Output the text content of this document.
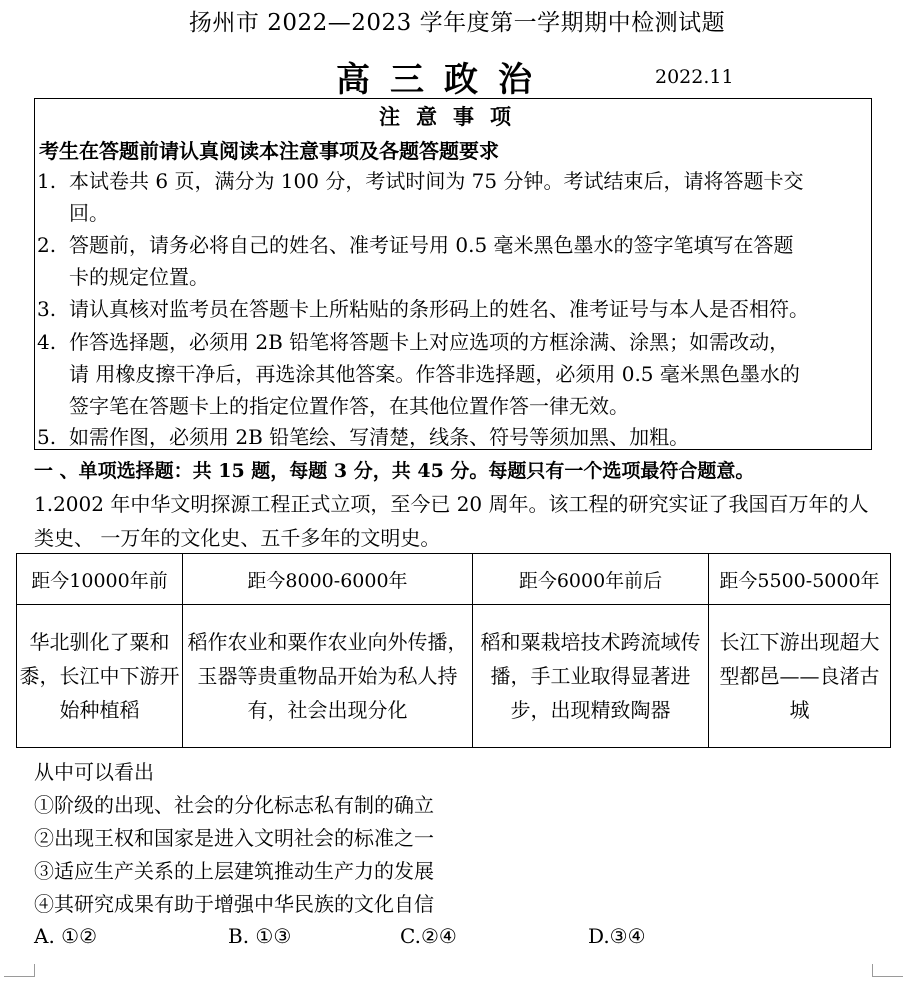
扬州市 2022—2023 学年度第一学期期中检测试题
高三政治	2022.11
注意事项
考生在答题前请认真阅读本注意事项及各题答题要求
1. 本试卷共 6 页，满分为 100 分，考试时间为 75 分钟。考试结束后，请将答题卡交
回。
2. 答题前，请务必将自己的姓名、准考证号用 0.5 毫米黑色墨水的签字笔填写在答题
卡的规定位置。
3. 请认真核对监考员在答题卡上所粘贴的条形码上的姓名、准考证号与本人是否相符。
4. 作答选择题，必须用 2B 铅笔将答题卡上对应选项的方框涂满、涂黑；如需改动，
请 用橡皮擦干净后，再选涂其他答案。作答非选择题，必须用 0.5 毫米黑色墨水的
签字笔在答题卡上的指定位置作答，在其他位置作答一律无效。
5. 如需作图，必须用 2B 铅笔绘、写清楚，线条、符号等须加黑、加粗。
一 、单项选择题：共 15 题，每题 3 分，共 45 分。每题只有一个选项最符合题意。
1.2002 年中华文明探源工程正式立项，至今已 20 周年。该工程的研究实证了我国百万年的人类史、 一万年的文化史、五千多年的文明史。
距今10000年前	距今8000-6000年	距今6000年前后	距今5500-5000年
华北驯化了粟和黍，长江中下游开始种植稻	稻作农业和粟作农业向外传播，玉器等贵重物品开始为私人持有，社会出现分化	稻和粟栽培技术跨流域传播，手工业取得显著进步，出现精致陶器	长江下游出现超大型都邑——良渚古城
从中可以看出
①阶级的出现、社会的分化标志私有制的确立
②出现王权和国家是进入文明社会的标准之一
③适应生产关系的上层建筑推动生产力的发展
④其研究成果有助于增强中华民族的文化自信
A. ①②	B. ①③	C.②④	D.③④
